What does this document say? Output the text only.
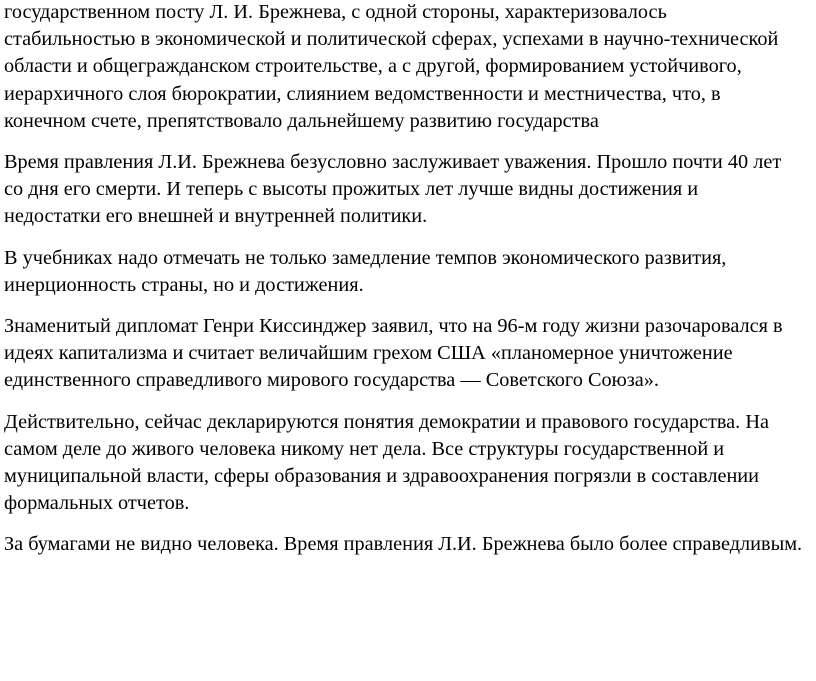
государственном посту Л. И. Брежнева, с одной стороны, характеризовалось
стабильностью в экономической и политической сферах, успехами в научно-технической
области и общегражданском строительстве, а с другой, формированием устойчивого,
иерархичного слоя бюрократии, слиянием ведомственности и местничества, что, в
конечном счете, препятствовало дальнейшему развитию государства

Время правления Л.И. Брежнева безусловно заслуживает уважения. Прошло почти 40 лет
со дня его смерти. И теперь с высоты прожитых лет лучше видны достижения и
недостатки его внешней и внутренней политики.

В учебниках надо отмечать не только замедление темпов экономического развития,
инерционность страны, но и достижения.

Знаменитый дипломат Генри Киссинджер заявил, что на 96-м году жизни разочаровался в
идеях капитализма и считает величайшим грехом США «планомерное уничтожение
единственного справедливого мирового государства — Советского Союза».

Действительно, сейчас декларируются понятия демократии и правового государства. На
самом деле до живого человека никому нет дела. Все структуры государственной и
муниципальной власти, сферы образования и здравоохранения погрязли в составлении
формальных отчетов.

За бумагами не видно человека. Время правления Л.И. Брежнева было более справедливым.
